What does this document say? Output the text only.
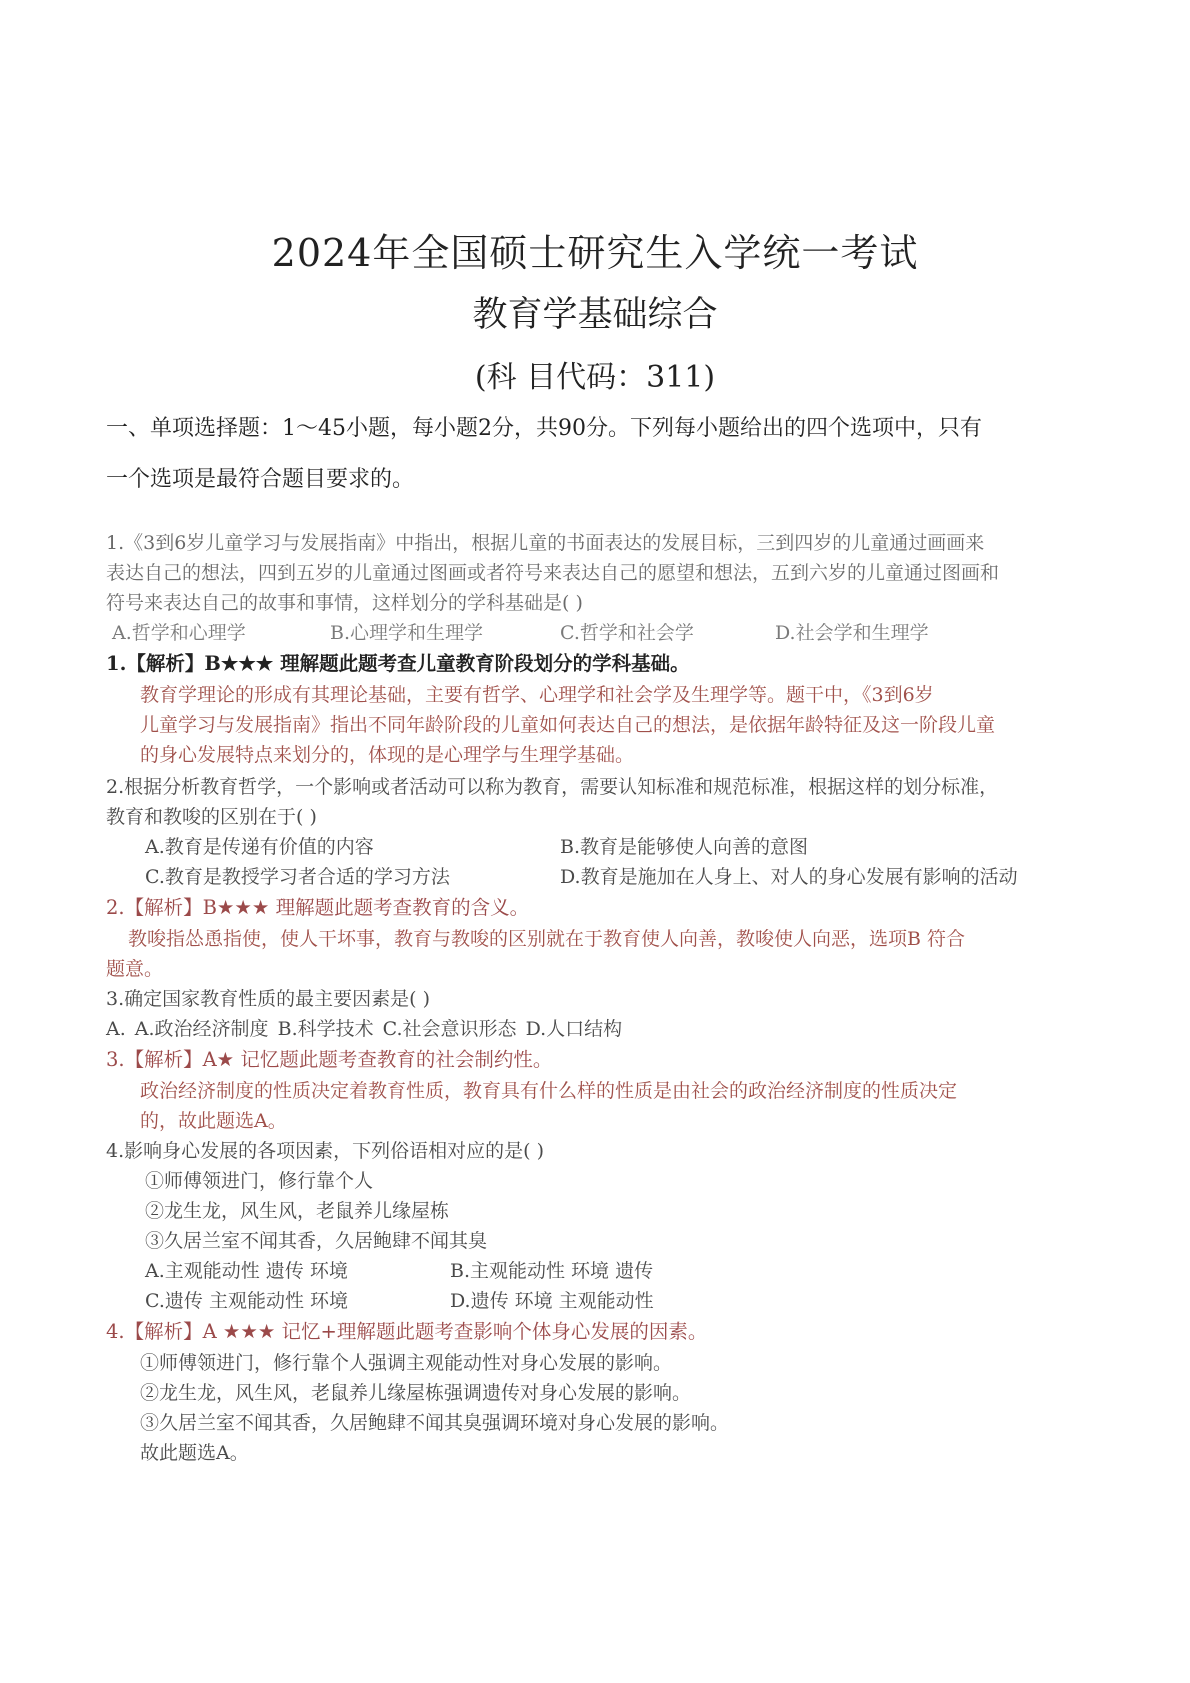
2024年全国硕士研究生入学统一考试
教育学基础综合
(科 目代码：311)
一、单项选择题：1～45小题，每小题2分，共90分。下列每小题给出的四个选项中，只有
一个选项是最符合题目要求的。
1.《3到6岁儿童学习与发展指南》中指出，根据儿童的书面表达的发展目标，三到四岁的儿童通过画画来
表达自己的想法，四到五岁的儿童通过图画或者符号来表达自己的愿望和想法，五到六岁的儿童通过图画和
符号来表达自己的故事和事情，这样划分的学科基础是( )
A.哲学和心理学	B.心理学和生理学	C.哲学和社会学	D.社会学和生理学
1.【解析】B★★★ 理解题此题考查儿童教育阶段划分的学科基础。
教育学理论的形成有其理论基础，主要有哲学、心理学和社会学及生理学等。题干中，《3到6岁
儿童学习与发展指南》指出不同年龄阶段的儿童如何表达自己的想法，是依据年龄特征及这一阶段儿童
的身心发展特点来划分的，体现的是心理学与生理学基础。
2.根据分析教育哲学，一个影响或者活动可以称为教育，需要认知标准和规范标准，根据这样的划分标准，
教育和教唆的区别在于( )
A.教育是传递有价值的内容	B.教育是能够使人向善的意图
C.教育是教授学习者合适的学习方法	D.教育是施加在人身上、对人的身心发展有影响的活动
2.【解析】B★★★ 理解题此题考查教育的含义。
教唆指怂恿指使，使人干坏事，教育与教唆的区别就在于教育使人向善，教唆使人向恶，选项B 符合
题意。
3.确定国家教育性质的最主要因素是( )
A. A.政治经济制度 B.科学技术 C.社会意识形态 D.人口结构
3.【解析】A★ 记忆题此题考查教育的社会制约性。
政治经济制度的性质决定着教育性质，教育具有什么样的性质是由社会的政治经济制度的性质决定
的，故此题选A。
4.影响身心发展的各项因素，下列俗语相对应的是( )
①师傅领进门，修行靠个人
②龙生龙，风生风，老鼠养儿缘屋栋
③久居兰室不闻其香，久居鲍肆不闻其臭
A.主观能动性 遗传 环境	B.主观能动性 环境 遗传
C.遗传 主观能动性 环境	D.遗传 环境 主观能动性
4.【解析】A ★★★ 记忆+理解题此题考查影响个体身心发展的因素。
①师傅领进门，修行靠个人强调主观能动性对身心发展的影响。
②龙生龙，风生风，老鼠养儿缘屋栋强调遗传对身心发展的影响。
③久居兰室不闻其香，久居鲍肆不闻其臭强调环境对身心发展的影响。
故此题选A。
